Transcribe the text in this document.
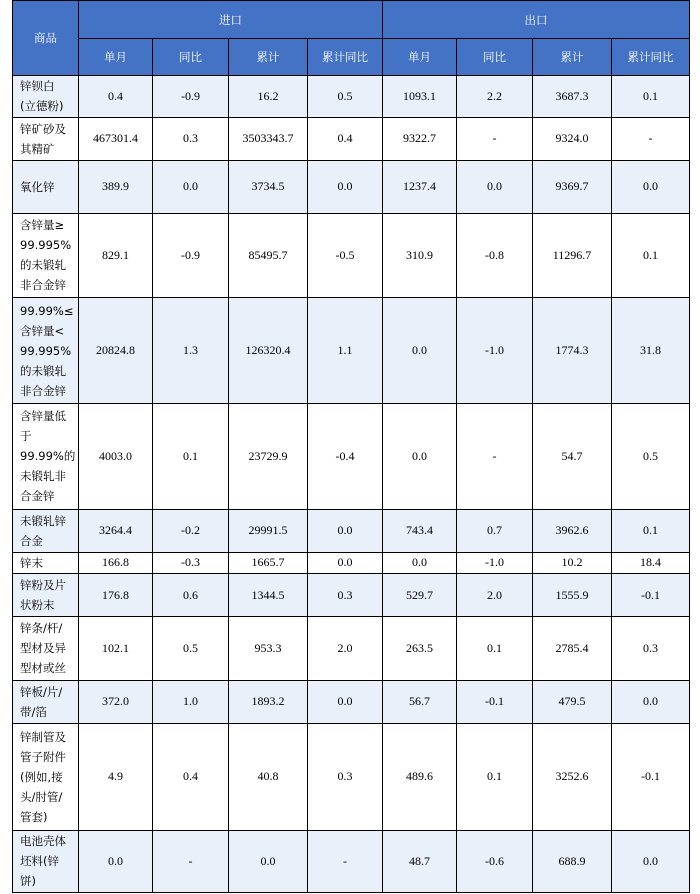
商品	进口				出口			
	单月	同比	累计	累计同比	单月	同比	累计	累计同比

锌钡白
(立德粉)	0.4	-0.9	16.2	0.5	1093.1	2.2	3687.3	0.1

锌矿砂及
其精矿	467301.4	0.3	3503343.7	0.4	9322.7	-	9324.0	-

氧化锌	389.9	0.0	3734.5	0.0	1237.4	0.0	9369.7	0.0

含锌量≥
99.995%
的未锻轧
非合金锌	829.1	-0.9	85495.7	-0.5	310.9	-0.8	11296.7	0.1

99.99%≤
含锌量<
99.995%
的未锻轧
非合金锌	20824.8	1.3	126320.4	1.1	0.0	-1.0	1774.3	31.8

含锌量低
于
99.99%的
未锻轧非
合金锌	4003.0	0.1	23729.9	-0.4	0.0	-	54.7	0.5

未锻轧锌
合金	3264.4	-0.2	29991.5	0.0	743.4	0.7	3962.6	0.1

锌末	166.8	-0.3	1665.7	0.0	0.0	-1.0	10.2	18.4

锌粉及片
状粉末	176.8	0.6	1344.5	0.3	529.7	2.0	1555.9	-0.1

锌条/杆/
型材及异
型材或丝	102.1	0.5	953.3	2.0	263.5	0.1	2785.4	0.3

锌板/片/
带/箔	372.0	1.0	1893.2	0.0	56.7	-0.1	479.5	0.0

锌制管及
管子附件
(例如,接
头/肘管/
管套)	4.9	0.4	40.8	0.3	489.6	0.1	3252.6	-0.1

电池壳体
坯料(锌
饼)	0.0	-	0.0	-	48.7	-0.6	688.9	0.0
